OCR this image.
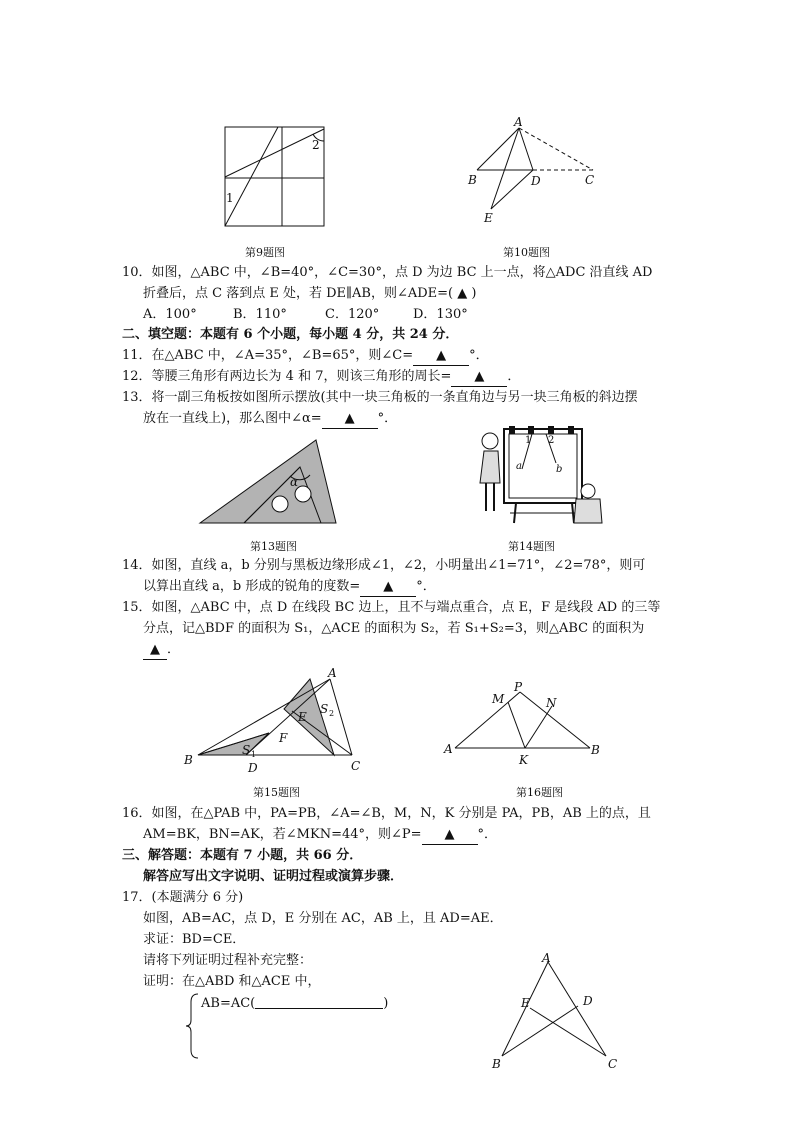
1
2
第9题图
A
B	D	C
E
第10题图
10．如图，△ABC 中，∠B=40°，∠C=30°，点 D 为边 BC 上一点，将△ADC 沿直线 AD
折叠后，点 C 落到点 E 处，若 DE∥AB，则∠ADE=( ▲ )
A．100°	B．110°	C．120°	D．130°
二、填空题：本题有 6 个小题，每小题 4 分，共 24 分．
11．在△ABC 中，∠A=35°，∠B=65°，则∠C= ▲ °．
12．等腰三角形有两边长为 4 和 7，则该三角形的周长= ▲ ．
13．将一副三角板按如图所示摆放(其中一块三角板的一条直角边与另一块三角板的斜边摆
放在一直线上)，那么图中∠α= ▲ °．
α
第13题图
1 2
a	b
第14题图
14．如图，直线 a，b 分别与黑板边缘形成∠1，∠2，小明量出∠1=71°，∠2=78°，则可
以算出直线 a，b 形成的锐角的度数= ▲ °．
15．如图，△ABC 中，点 D 在线段 BC 边上，且不与端点重合，点 E，F 是线段 AD 的三等
分点，记△BDF 的面积为 S₁，△ACE 的面积为 S₂，若 S₁+S₂=3，则△ABC 的面积为
▲ ．
A
B	C
D
E
F
S 1
S 2
第15题图
M
P
N
A
K
B
第16题图
16．如图，在△PAB 中，PA=PB，∠A=∠B，M，N，K 分别是 PA，PB，AB 上的点，且
AM=BK，BN=AK，若∠MKN=44°，则∠P= ▲ °．
三、解答题：本题有 7 小题，共 66 分．
解答应写出文字说明、证明过程或演算步骤．
17．(本题满分 6 分)
如图，AB=AC，点 D，E 分别在 AC，AB 上，且 AD=AE．
求证：BD=CE．
请将下列证明过程补充完整：
证明：在△ABD 和△ACE 中，
AB=AC(	)
A
E	D
B	C
